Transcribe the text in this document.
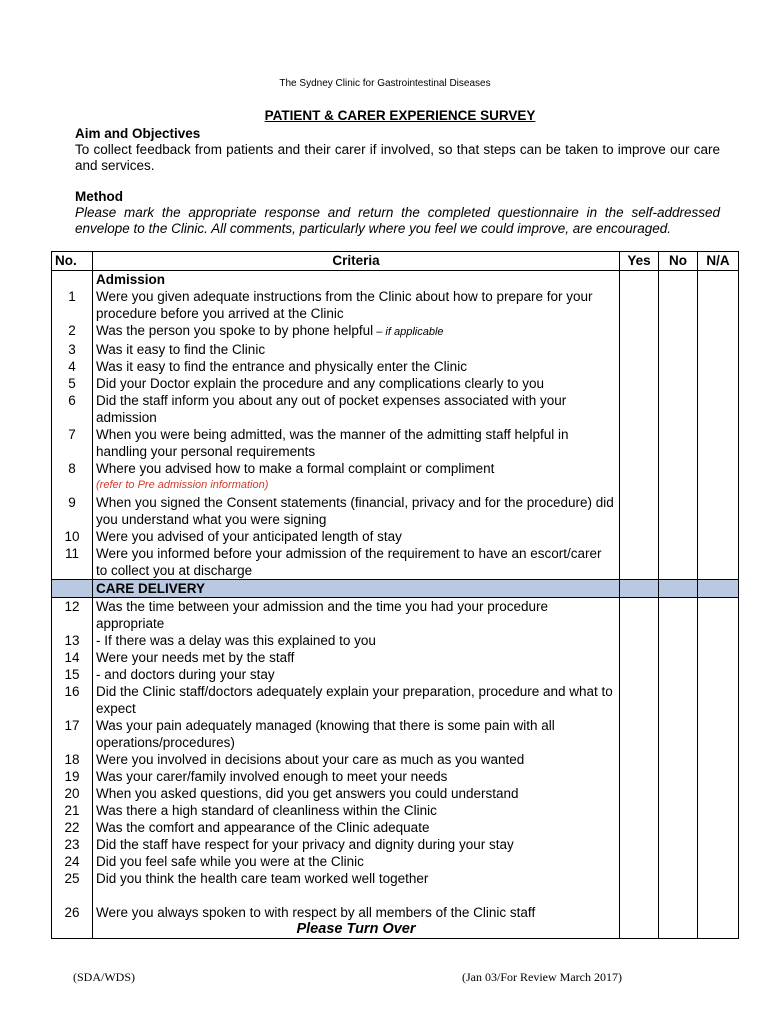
The Sydney Clinic for Gastrointestinal Diseases
PATIENT & CARER EXPERIENCE SURVEY
Aim and Objectives
To collect feedback from patients and their carer if involved, so that steps can be taken to improve our care and services.
Method
Please mark the appropriate response and return the completed questionnaire in the self-addressed envelope to the Clinic. All comments, particularly where you feel we could improve, are encouraged.
No.	Criteria	Yes	No	N/A
	Admission			
1	Were you given adequate instructions from the Clinic about how to prepare for your procedure before you arrived at the Clinic			
2	Was the person you spoke to by phone helpful – if applicable			
3	Was it easy to find the Clinic			
4	Was it easy to find the entrance and physically enter the Clinic			
5	Did your Doctor explain the procedure and any complications clearly to you			
6	Did the staff inform you about any out of pocket expenses associated with your admission			
7	When you were being admitted, was the manner of the admitting staff helpful in handling your personal requirements			
8	Where you advised how to make a formal complaint or compliment
(refer to Pre admission information)			

9	When you signed the Consent statements (financial, privacy and for the procedure) did you understand what you were signing			
10	Were you advised of your anticipated length of stay			
11	Were you informed before your admission of the requirement to have an escort/carer to collect you at discharge			
	CARE DELIVERY			
12	Was the time between your admission and the time you had your procedure appropriate			
13	- If there was a delay was this explained to you			
14	Were your needs met by the staff			
15	- and doctors during your stay			
16	Did the Clinic staff/doctors adequately explain your preparation, procedure and what to expect			
17	Was your pain adequately managed (knowing that there is some pain with all operations/procedures)			
18	Were you involved in decisions about your care as much as you wanted			
19	Was your carer/family involved enough to meet your needs			
20	When you asked questions, did you get answers you could understand			
21	Was there a high standard of cleanliness within the Clinic			
22	Was the comfort and appearance of the Clinic adequate			
23	Did the staff have respect for your privacy and dignity during your stay			
24	Did you feel safe while you were at the Clinic			
25	Did you think the health care team worked well together			

26	Were you always spoken to with respect by all members of the Clinic staff
Please Turn Over			

(SDA/WDS)	(Jan 03/For Review March 2017)
